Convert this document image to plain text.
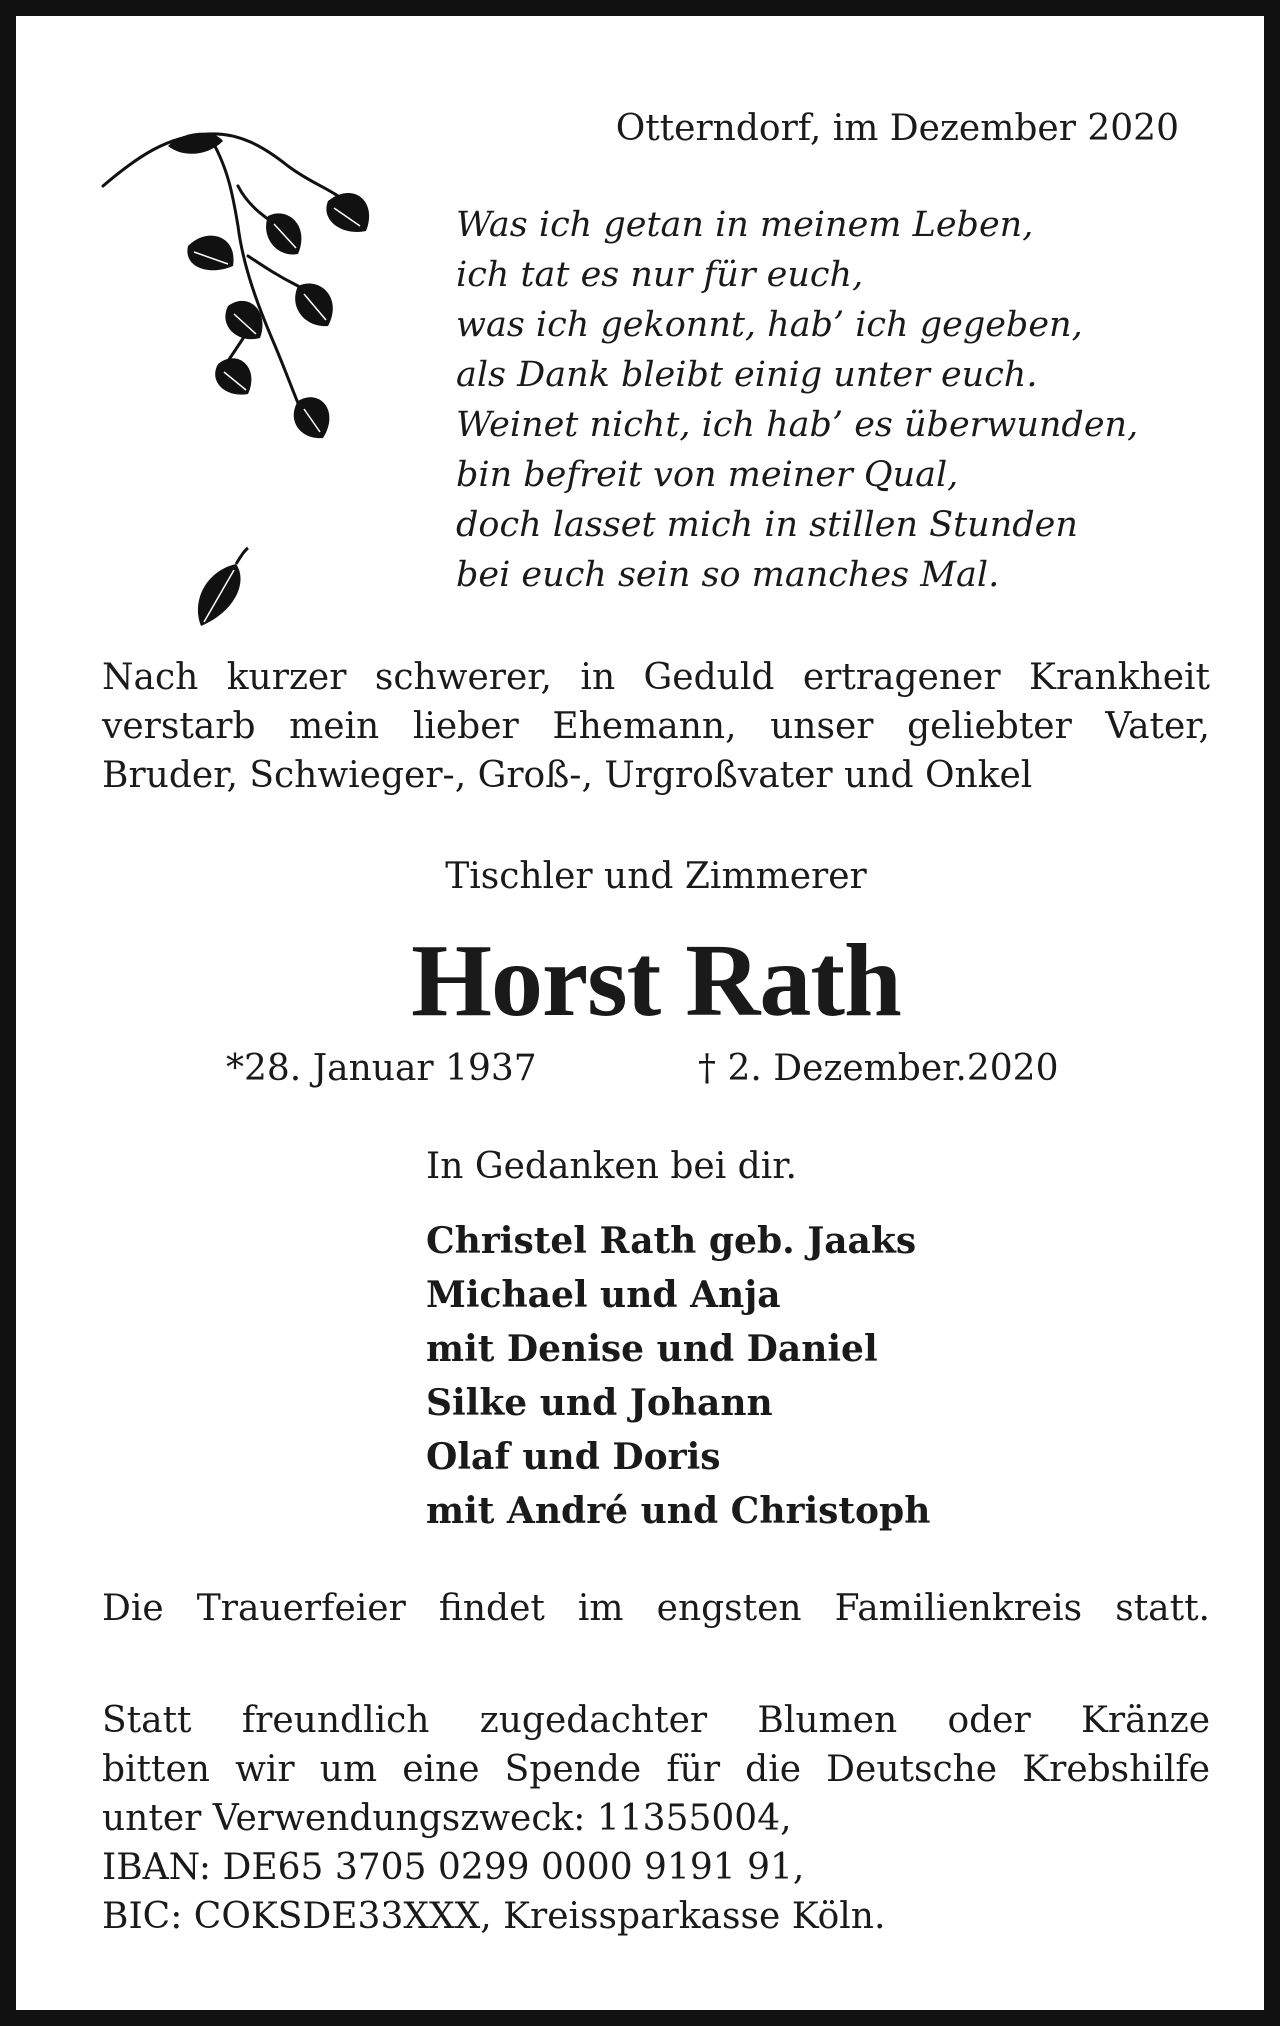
Otterndorf, im Dezember 2020
Was ich getan in meinem Leben,
ich tat es nur für euch,
was ich gekonnt, hab’ ich gegeben,
als Dank bleibt einig unter euch.
Weinet nicht, ich hab’ es überwunden,
bin befreit von meiner Qual,
doch lasset mich in stillen Stunden
bei euch sein so manches Mal.
Nach kurzer schwerer, in Geduld ertragener Krankheit
verstarb mein lieber Ehemann, unser geliebter Vater,
Bruder, Schwieger-, Groß-, Urgroßvater und Onkel
Tischler und Zimmerer
Horst Rath
*28. Januar 1937	† 2. Dezember.2020
In Gedanken bei dir.
Christel Rath geb. Jaaks
Michael und Anja
mit Denise und Daniel
Silke und Johann
Olaf und Doris
mit André und Christoph
Die Trauerfeier findet im engsten Familienkreis statt.
Statt freundlich zugedachter Blumen oder Kränze
bitten wir um eine Spende für die Deutsche Krebshilfe
unter Verwendungszweck: 11355004,
IBAN: DE65 3705 0299 0000 9191 91,
BIC: COKSDE33XXX, Kreissparkasse Köln.
